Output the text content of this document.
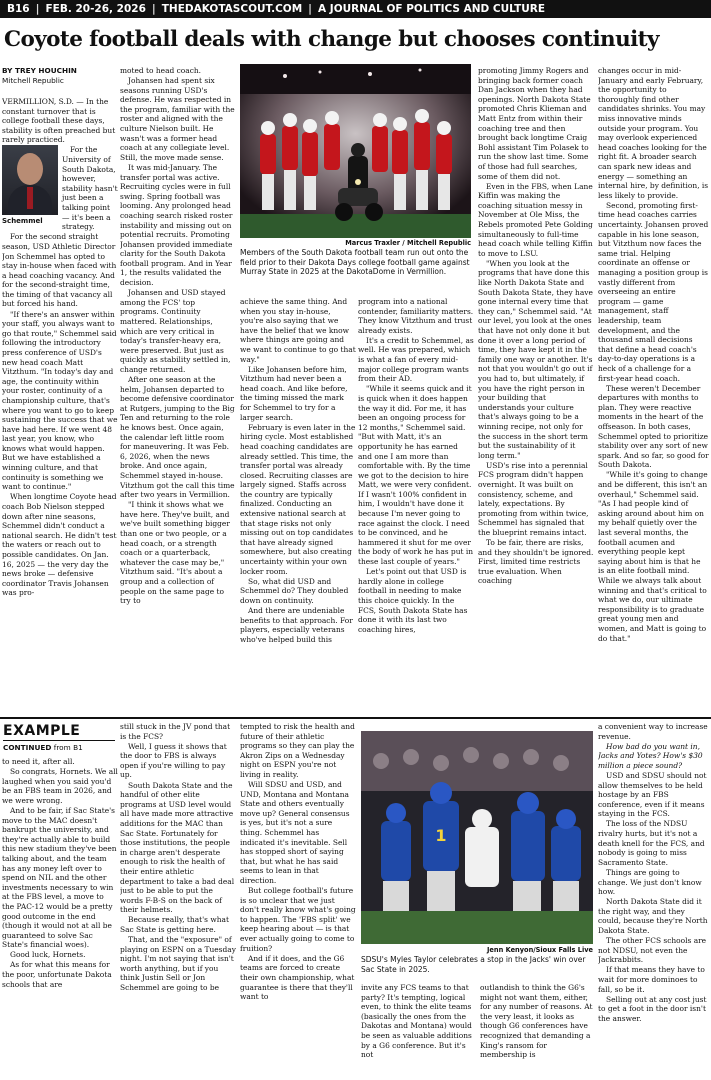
B16 | FEB. 20-26, 2026 | THEDAKOTASCOUT.COM | A JOURNAL OF POLITICS AND CULTURE
Coyote football deals with change but chooses continuity
BY TREY HOUCHIN
Mitchell Republic

VERMILLION, S.D. — In the constant turnover that is college football these days, stability is often preached but rarely practiced.

Schemmel

For the University of South Dakota, however, stability hasn't just been a talking point — it's been a strategy.

For the second straight season, USD Athletic Director Jon Schemmel has opted to stay in-house when faced with a head coaching vacancy. And for the second-straight time, the timing of that vacancy all but forced his hand.

"If there's an answer within your staff, you always want to go that route," Schemmel said following the introductory press conference of USD's new head coach Matt Vitzthum. "In today's day and age, the continuity within your roster, continuity of a championship culture, that's where you want to go to keep sustaining the success that we have had here. If we went 48 last year, you know, who knows what would happen. But we have established a winning culture, and that continuity is something we want to continue."

When longtime Coyote head coach Bob Nielson stepped down after nine seasons, Schemmel didn't conduct a national search. He didn't test the waters or reach out to possible candidates. On Jan. 16, 2025 — the very day the news broke — defensive coordinator Travis Johansen was pro-

moted to head coach.

Johansen had spent six seasons running USD's defense. He was respected in the program, familiar with the roster and aligned with the culture Nielson built. He wasn't was a former head coach at any collegiate level. Still, the move made sense.

It was mid-January. The transfer portal was active. Recruiting cycles were in full swing. Spring football was looming. Any prolonged head coaching search risked roster instability and missing out on potential recruits. Promoting Johansen provided immediate clarity for the South Dakota football program. And in Year 1, the results validated the decision.

Johansen and USD stayed among the FCS' top programs. Continuity mattered. Relationships, which are very critical in today's transfer-heavy era, were preserved. But just as quickly as stability settled in, change returned.

After one season at the helm, Johansen departed to become defensive coordinator at Rutgers, jumping to the Big Ten and returning to the role he knows best. Once again, the calendar left little room for maneuvering. It was Feb. 6, 2026, when the news broke. And once again, Schemmel stayed in-house. Vitzthum got the call this time after two years in Vermillion.

"I think it shows what we have here. They've built, and we've built something bigger than one or two people, or a head coach, or a strength coach or a quarterback, whatever the case may be," Vitzthum said. "It's about a group and a collection of people on the same page to try to

Marcus Traxler / Mitchell Republic
Members of the South Dakota football team run out onto the field prior to their Dakota Days college football game against Murray State in 2025 at the DakotaDome in Vermillion.

achieve the same thing. And when you stay in-house, you're also saying that we have the belief that we know where things are going and we want to continue to go that way."

Like Johansen before him, Vitzthum had never been a head coach. And like before, the timing missed the mark for Schemmel to try for a larger search.

February is even later in the hiring cycle. Most established head coaching candidates are already settled. This time, the transfer portal was already closed. Recruiting classes are largely signed. Staffs across the country are typically finalized. Conducting an extensive national search at that stage risks not only missing out on top candidates that have already signed somewhere, but also creating uncertainty within your own locker room.

So, what did USD and Schemmel do? They doubled down on continuity.

And there are undeniable benefits to that approach. For players, especially veterans who've helped build this

program into a national contender, familiarity matters. They know Vitzthum and trust already exists.

It's a credit to Schemmel, as well. He was prepared, which is what a fan of every mid-major college program wants from their AD.

"While it seems quick and it is quick when it does happen the way it did. For me, it has been an ongoing process for 12 months," Schemmel said. "But with Matt, it's an opportunity he has earned and one I am more than comfortable with. By the time we got to the decision to hire Matt, we were very confident. If I wasn't 100% confident in him, I wouldn't have done it because I'm never going to race against the clock. I need to be convinced, and he hammered it shut for me over the body of work he has put in these last couple of years."

Let's point out that USD is hardly alone in college football in needing to make this choice quickly. In the FCS, South Dakota State has done it with its last two coaching hires,

promoting Jimmy Rogers and bringing back former coach Dan Jackson when they had openings. North Dakota State promoted Chris Klieman and Matt Entz from within their coaching tree and then brought back longtime Craig Bohl assistant Tim Polasek to run the show last time. Some of those had full searches, some of them did not.

Even in the FBS, when Lane Kiffin was making the coaching situation messy in November at Ole Miss, the Rebels promoted Pete Golding simultaneously to full-time head coach while telling Kiffin to move to LSU.

"When you look at the programs that have done this like North Dakota State and South Dakota State, they have gone internal every time that they can," Schemmel said. "At our level, you look at the ones that have not only done it but done it over a long period of time, they have kept it in the family one way or another. It's not that you wouldn't go out if you had to, but ultimately, if you have the right person in your building that understands your culture that's always going to be a winning recipe, not only for the success in the short term but the sustainability of it long term."

USD's rise into a perennial FCS program didn't happen overnight. It was built on consistency, scheme, and lately, expectations. By promoting from within twice, Schemmel has signaled that the blueprint remains intact.

To be fair, there are risks, and they shouldn't be ignored. First, limited time restricts true evaluation. When coaching

changes occur in mid-January and early February, the opportunity to thoroughly find other candidates shrinks. You may miss innovative minds outside your program. You may overlook experienced head coaches looking for the right fit. A broader search can spark new ideas and energy — something an internal hire, by definition, is less likely to provide.

Second, promoting first-time head coaches carries uncertainty. Johansen proved capable in his lone season, but Vitzthum now faces the same trial. Helping coordinate an offense or managing a position group is vastly different from overseeing an entire program — game management, staff leadership, team development, and the thousand small decisions that define a head coach's day-to-day operations is a heck of a challenge for a first-year head coach.

These weren't December departures with months to plan. They were reactive moments in the heart of the offseason. In both cases, Schemmel opted to prioritize stability over any sort of new spark. And so far, so good for South Dakota.

"While it's going to change and be different, this isn't an overhaul," Schemmel said. "As I had people kind of asking around about him on my behalf quietly over the last several months, the football acumen and everything people kept saying about him is that he is an elite football mind. While we always talk about winning and that's critical to what we do, our ultimate responsibility is to graduate great young men and women, and Matt is going to do that."

EXAMPLE
CONTINUED from B1

to need it, after all.

So congrats, Hornets. We all laughed when you said you'd be an FBS team in 2026, and we were wrong.

And to be fair, if Sac State's move to the MAC doesn't bankrupt the university, and they're actually able to build this new stadium they've been talking about, and the team has any money left over to spend on NIL and the other investments necessary to win at the FBS level, a move to the PAC-12 would be a pretty good outcome in the end (though it would not at all be guaranteed to solve Sac State's financial woes).

Good luck, Hornets.

As for what this means for the poor, unfortunate Dakota schools that are

still stuck in the JV pond that is the FCS?

Well, I guess it shows that the door to FBS is always open if you're willing to pay up.

South Dakota State and the handful of other elite programs at USD level would all have made more attractive additions for the MAC than Sac State. Fortunately for those institutions, the people in charge aren't desperate enough to risk the health of their entire athletic department to take a bad deal just to be able to put the words F-B-S on the back of their helmets.

Because really, that's what Sac State is getting here.

That, and the "exposure" of playing on ESPN on a Tuesday night. I'm not saying that isn't worth anything, but if you think Justin Sell or Jon Schemmel are going to be

tempted to risk the health and future of their athletic programs so they can play the Akron Zips on a Wednesday night on ESPN you're not living in reality.

Will SDSU and USD, and UND, Montana and Montana State and others eventually move up? General consensus is yes, but it's not a sure thing. Schemmel has indicated it's inevitable. Sell has stopped short of saying that, but what he has said seems to lean in that direction.

But college football's future is so unclear that we just don't really know what's going to happen. The 'FBS split' we keep hearing about — is that ever actually going to come to fruition?

And if it does, and the G6 teams are forced to create their own championship, what guarantee is there that they'll want to

1
Jenn Kenyon/Sioux Falls Live
SDSU's Myles Taylor celebrates a stop in the Jacks' win over Sac State in 2025.

invite any FCS teams to that party? It's tempting, logical even, to think the elite teams (basically the ones from the Dakotas and Montana) would be seen as valuable additions by a G6 conference. But it's not

outlandish to think the G6's might not want them, either, for any number of reasons. At the very least, it looks as though G6 conferences have recognized that demanding a King's ransom for membership is

a convenient way to increase revenue.

How bad do you want in, Jacks and Yotes? How's $30 million a piece sound?

USD and SDSU should not allow themselves to be held hostage by an FBS conference, even if it means staying in the FCS.

The loss of the NDSU rivalry hurts, but it's not a death knell for the FCS, and nobody is going to miss Sacramento State.

Things are going to change. We just don't know how.

North Dakota State did it the right way, and they could, because they're North Dakota State.

The other FCS schools are not NDSU, not even the Jackrabbits.

If that means they have to wait for more dominoes to fall, so be it.

Selling out at any cost just to get a foot in the door isn't the answer.
